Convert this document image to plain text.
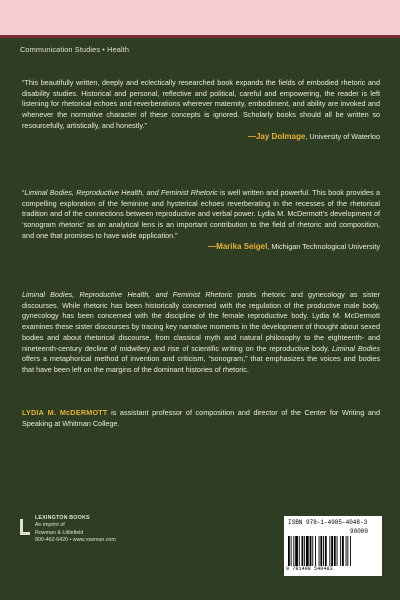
Communication Studies • Health
“This beautifully written, deeply and eclectically researched book expands the fields of embodied rhetoric and disability studies. Historical and personal, reflective and political, careful and empowering, the reader is left listening for rhetorical echoes and reverberations wherever maternity, embodiment, and ability are invoked and whenever the normative character of these concepts is ignored. Scholarly books should all be written so resourcefully, artistically, and honestly.”
—Jay Dolmage, University of Waterloo
“Liminal Bodies, Reproductive Health, and Feminist Rhetoric is well written and powerful. This book provides a compelling exploration of the feminine and hysterical echoes reverberating in the recesses of the rhetorical tradition and of the connections between reproductive and verbal power. Lydia M. McDermott’s development of ‘sonogram rhetoric’ as an analytical lens is an important contribution to the field of rhetoric and composition, and one that promises to have wide application.”
—Marika Seigel, Michigan Technological University
Liminal Bodies, Reproductive Health, and Feminist Rhetoric posits rhetoric and gynecology as sister discourses. While rhetoric has been historically concerned with the regulation of the productive male body, gynecology has been concerned with the discipline of the female reproductive body. Lydia M. McDermott examines these sister discourses by tracing key narrative moments in the development of thought about sexed bodies and about rhetorical discourse, from classical myth and natural philosophy to the eighteenth- and nineteenth-century decline of midwifery and rise of scientific writing on the reproductive body. Liminal Bodies offers a metaphorical method of invention and criticism, “sonogram,” that emphasizes the voices and bodies that have been left on the margins of the dominant histories of rhetoric.
LYDIA M. McDERMOTT is assistant professor of composition and director of the Center for Writing and Speaking at Whitman College.
LEXINGTON BOOKS
An imprint of
Rowman & Littlefield
800-462-6420 • www.rowman.com
ISBN 978-1-4985-4048-3
90000
9 781498 540483
